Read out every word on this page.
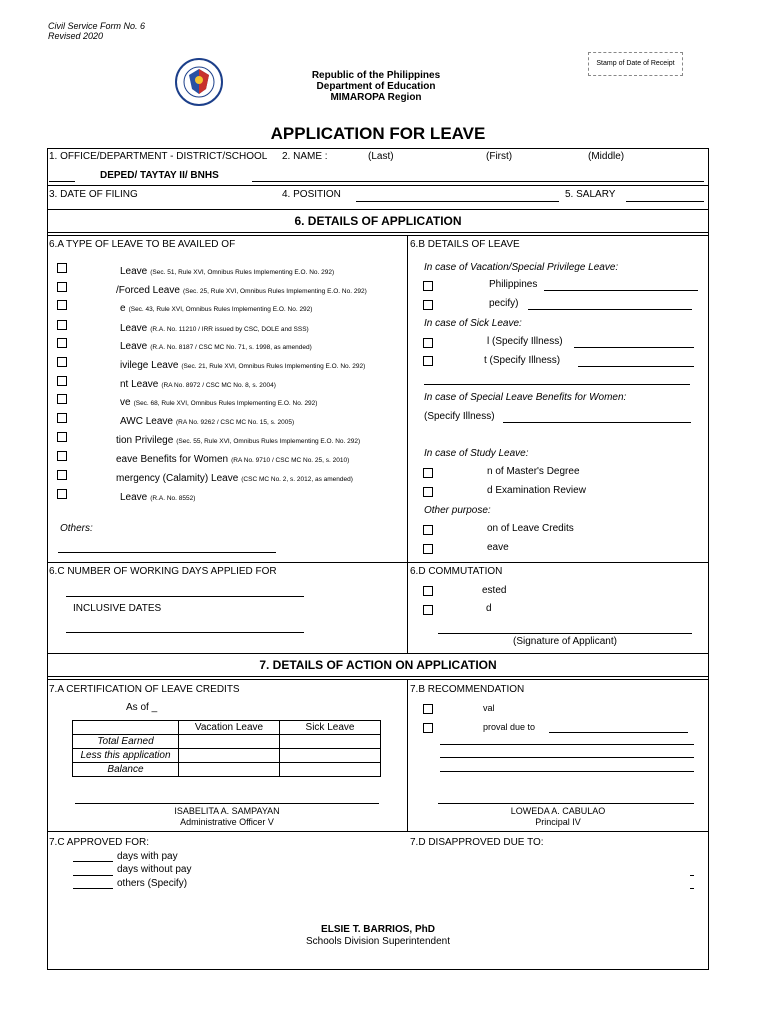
Civil Service Form No. 6
Revised 2020
Republic of the Philippines
Department of Education
MIMAROPA Region
Stamp of Date of Receipt
APPLICATION FOR LEAVE
1. OFFICE/DEPARTMENT - DISTRICT/SCHOOL 2. NAME :	(Last)	(First)	(Middle)
DEPED/ TAYTAY II/ BNHS
3. DATE OF FILING	4. POSITION	5. SALARY
6. DETAILS OF APPLICATION
6.A TYPE OF LEAVE TO BE AVAILED OF
Leave (Sec. 51, Rule XVI, Omnibus Rules Implementing E.O. No. 292)
/Forced Leave (Sec. 25, Rule XVI, Omnibus Rules Implementing E.O. No. 292)
e (Sec. 43, Rule XVI, Omnibus Rules Implementing E.O. No. 292)
Leave (R.A. No. 11210 / IRR issued by CSC, DOLE and SSS)
Leave (R.A. No. 8187 / CSC MC No. 71, s. 1998, as amended)
ivilege Leave (Sec. 21, Rule XVI, Omnibus Rules Implementing E.O. No. 292)
nt Leave (RA No. 8972 / CSC MC No. 8, s. 2004)
ve (Sec. 68, Rule XVI, Omnibus Rules Implementing E.O. No. 292)
AWC Leave (RA No. 9262 / CSC MC No. 15, s. 2005)
tion Privilege (Sec. 55, Rule XVI, Omnibus Rules Implementing E.O. No. 292)
eave Benefits for Women (RA No. 9710 / CSC MC No. 25, s. 2010)
mergency (Calamity) Leave (CSC MC No. 2, s. 2012, as amended)
Leave (R.A. No. 8552)
Others:
6.B DETAILS OF LEAVE
In case of Vacation/Special Privilege Leave:
Philippines
pecify)
In case of Sick Leave:
l (Specify Illness)
t (Specify Illness)
In case of Special Leave Benefits for Women:
(Specify Illness)
In case of Study Leave:
n of Master's Degree
d Examination Review
Other purpose:
on of Leave Credits
eave
6.C NUMBER OF WORKING DAYS APPLIED FOR
INCLUSIVE DATES
6.D COMMUTATION
ested
d
(Signature of Applicant)
7. DETAILS OF ACTION ON APPLICATION
7.A CERTIFICATION OF LEAVE CREDITS
As of _
	Vacation Leave	Sick Leave
Total Earned		
Less this application		
Balance		
ISABELITA A. SAMPAYAN
Administrative Officer V
7.B RECOMMENDATION
val
proval due to
LOWEDA A. CABULAO
Principal IV
7.C APPROVED FOR:
days with pay
days without pay
others (Specify)
7.D DISAPPROVED DUE TO:
ELSIE T. BARRIOS, PhD
Schools Division Superintendent
